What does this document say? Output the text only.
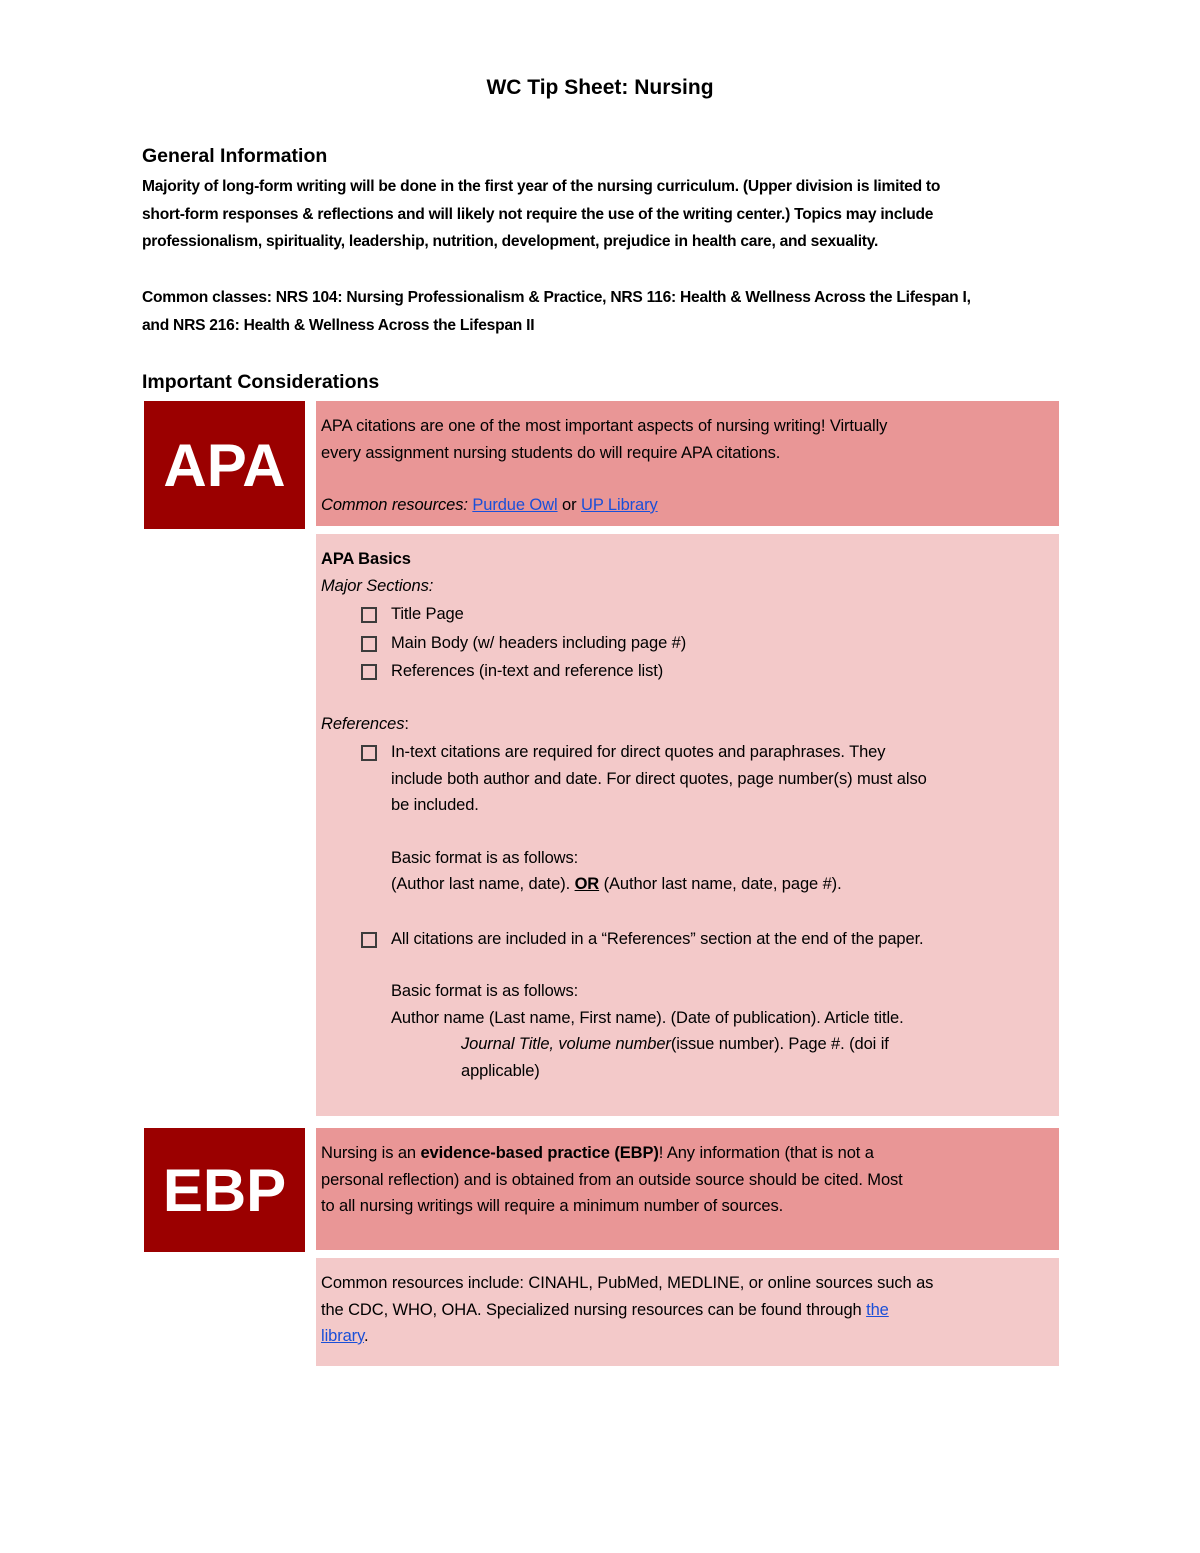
WC Tip Sheet: Nursing
General Information
Majority of long-form writing will be done in the first year of the nursing curriculum. (Upper division is limited to
short-form responses & reflections and will likely not require the use of the writing center.) Topics may include
professionalism, spirituality, leadership, nutrition, development, prejudice in health care, and sexuality.
Common classes: NRS 104: Nursing Professionalism & Practice, NRS 116: Health & Wellness Across the Lifespan I,
and NRS 216: Health & Wellness Across the Lifespan II
Important Considerations
APA
APA citations are one of the most important aspects of nursing writing! Virtually
every assignment nursing students do will require APA citations.
Common resources: Purdue Owl or UP Library
APA Basics
Major Sections:
Title Page
Main Body (w/ headers including page #)
References (in-text and reference list)
References:
In-text citations are required for direct quotes and paraphrases. They
include both author and date. For direct quotes, page number(s) must also
be included.
Basic format is as follows:
(Author last name, date). OR (Author last name, date, page #).
All citations are included in a “References” section at the end of the paper.
Basic format is as follows:
Author name (Last name, First name). (Date of publication). Article title.
Journal Title, volume number(issue number). Page #. (doi if
applicable)
EBP
Nursing is an evidence-based practice (EBP)! Any information (that is not a
personal reflection) and is obtained from an outside source should be cited. Most
to all nursing writings will require a minimum number of sources.
Common resources include: CINAHL, PubMed, MEDLINE, or online sources such as
the CDC, WHO, OHA. Specialized nursing resources can be found through the
library.
